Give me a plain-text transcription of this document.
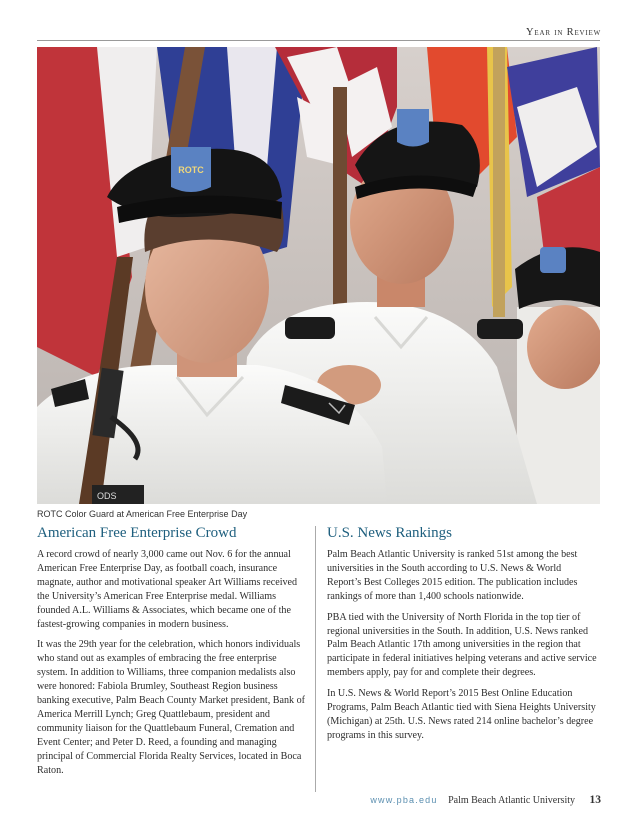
Year in Review
ROTC
ODS
ROTC Color Guard at American Free Enterprise Day
American Free Enterprise Crowd

A record crowd of nearly 3,000 came out Nov. 6 for the annual American Free Enterprise Day, as football coach, insurance magnate, author and motivational speaker Art Williams received the University’s American Free Enterprise medal. Williams founded A.L. Williams & Associates, which became one of the fastest-growing companies in modern business.

It was the 29th year for the celebration, which honors individuals who stand out as examples of embracing the free enterprise system. In addition to Williams, three companion medalists also were honored: Fabiola Brumley, Southeast Region business banking executive, Palm Beach County Market president, Bank of America Merrill Lynch; Greg Quattlebaum, president and community liaison for the Quattlebaum Funeral, Cremation and Event Center; and Peter D. Reed, a founding and managing principal of Commercial Florida Realty Services, located in Boca Raton.

U.S. News Rankings

Palm Beach Atlantic University is ranked 51st among the best universities in the South according to U.S. News & World Report’s Best Colleges 2015 edition. The publication includes rankings of more than 1,400 schools nationwide.

PBA tied with the University of North Florida in the top tier of regional universities in the South. In addition, U.S. News ranked Palm Beach Atlantic 17th among universities in the region that participate in federal initiatives helping veterans and active service members apply, pay for and complete their degrees.

In U.S. News & World Report’s 2015 Best Online Education Programs, Palm Beach Atlantic tied with Siena Heights University (Michigan) at 25th. U.S. News rated 214 online bachelor’s degree programs in this survey.

www.pba.edu Palm Beach Atlantic University 13
